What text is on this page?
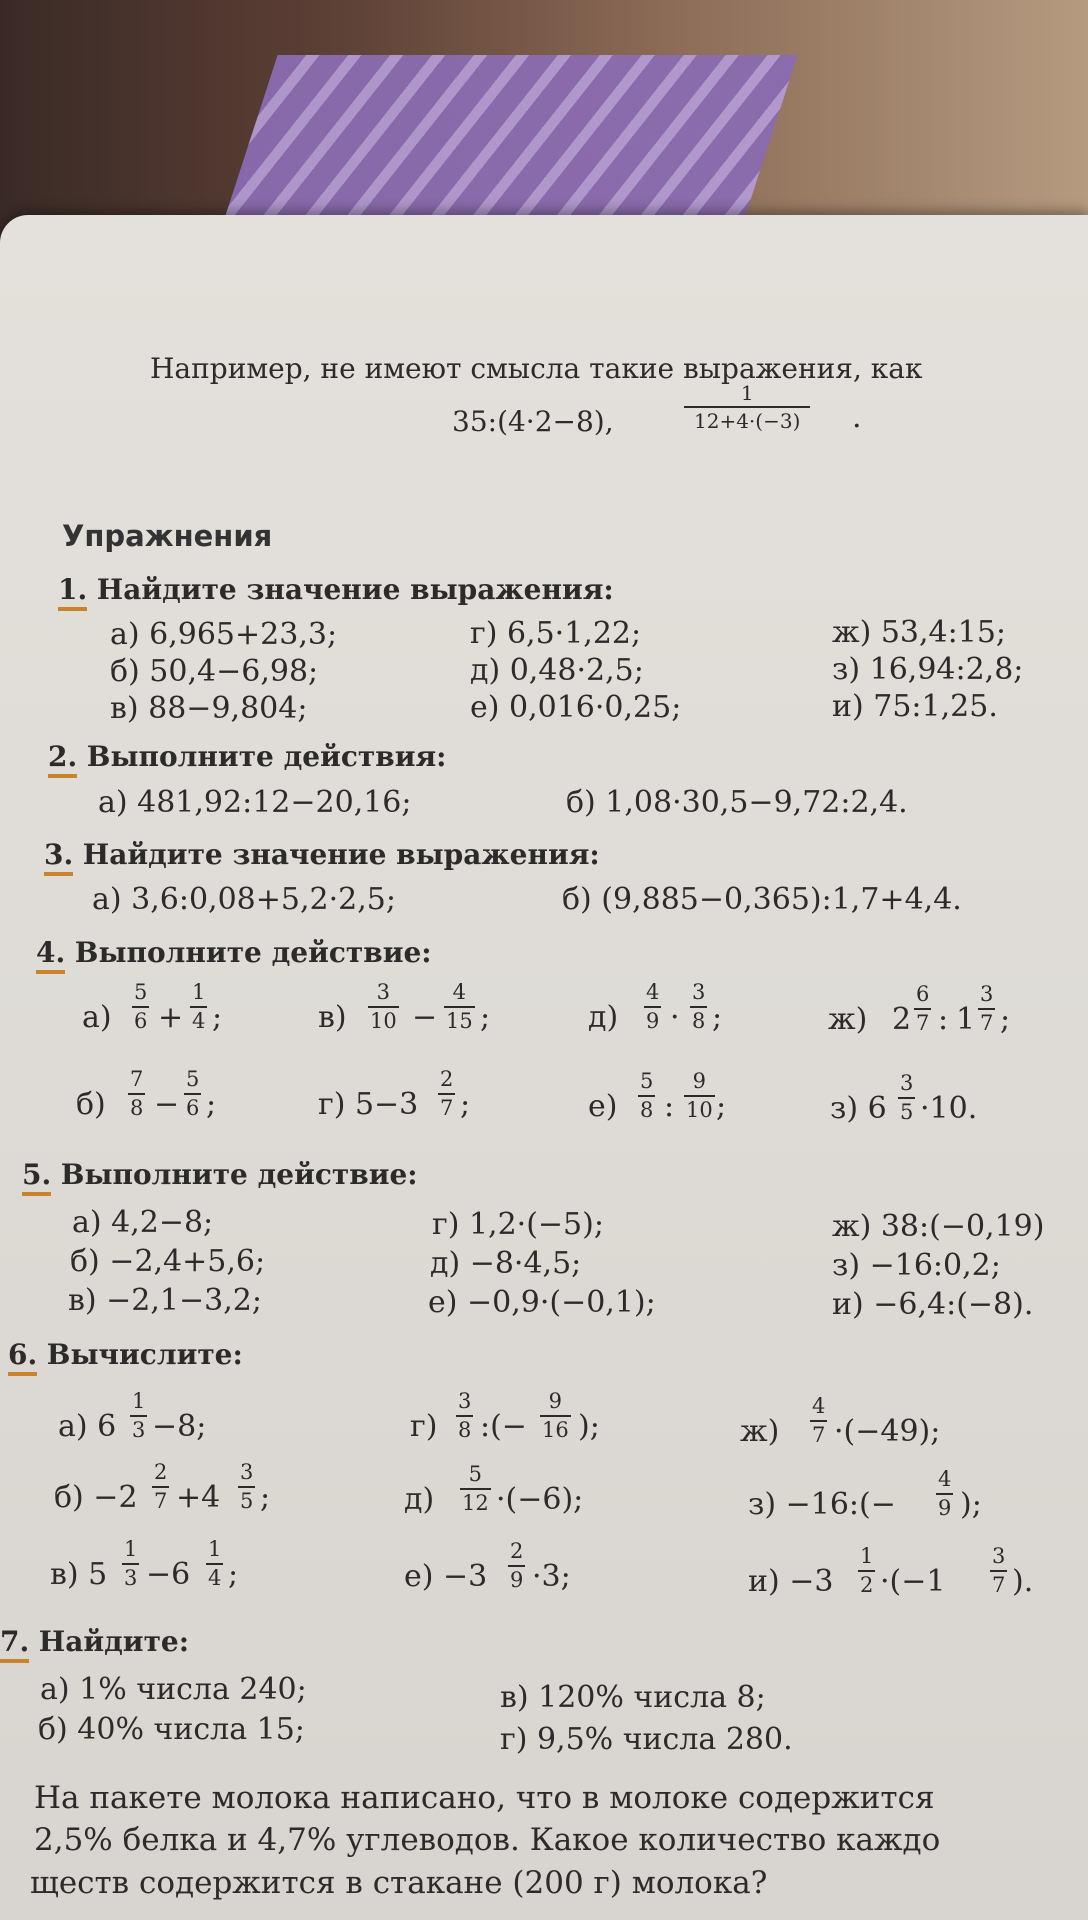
Например, не имеют смысла такие выражения, как
35:(4·2−8),	$\frac{1}{12+4\cdot(-3)}$ .
Упражнения
1. Найдите значение выражения:
а) 6,965+23,3;
б) 50,4−6,98;
в) 88−9,804;
г) 6,5·1,22;
д) 0,48·2,5;
е) 0,016·0,25;
ж) 53,4:15;
з) 16,94:2,8;
и) 75:1,25.
2. Выполните действия:
а) 481,92:12−20,16;	б) 1,08·30,5−9,72:2,4.
3. Найдите значение выражения:
а) 3,6:0,08+5,2·2,5;	б) (9,885−0,365):1,7+4,4.
4. Выполните действие:
$а) \frac{5}{6} + \frac{1}{4}$ ;	$в) \frac{3}{10} - \frac{4}{15}$ ;	$д) \frac{4}{9} \cdot \frac{3}{8}$ ;	ж) $2 \frac{6}{7}$ : $1 \frac{3}{7}$ ;
$б) \frac{7}{8} - \frac{5}{6}$ ;	г) $5-3 \frac{2}{7}$ ;	$е) \frac{5}{8}$ : $\frac{9}{10}$ ;	з) $6 \frac{3}{5} \cdot 10$.
5. Выполните действие:
а) 4,2−8;
б) −2,4+5,6;
в) −2,1−3,2;
г) 1,2·(−5);
д) −8·4,5;
е) −0,9·(−0,1);
ж) 38:(−0,19)
з) −16:0,2;
и) −6,4:(−8).
6. Вычислите:
а) $6 \frac{1}{3} -8$;	$г) \frac{3}{8}$ :(− $\frac{9}{16}$ );	$ж) \frac{4}{7} \cdot(-49)$;
$б) -2 \frac{2}{7} +4 \frac{3}{5}$ ;	$д) \frac{5}{12} \cdot(-6)$;	з) −16:(− $\frac{4}{9}$ );
в) $5 \frac{1}{3} -6 \frac{1}{4}$ ;	$е) -3 \frac{2}{9} \cdot 3$;	$и) -3 \frac{1}{2} \cdot(-1 \frac{3}{7}$ ).
7. Найдите:
а) 1% числа 240;
б) 40% числа 15;
в) 120% числа 8;
г) 9,5% числа 280.
На пакете молока написано, что в молоке содержится
2,5% белка и 4,7% углеводов. Какое количество каждо
ществ содержится в стакане (200 г) молока?
